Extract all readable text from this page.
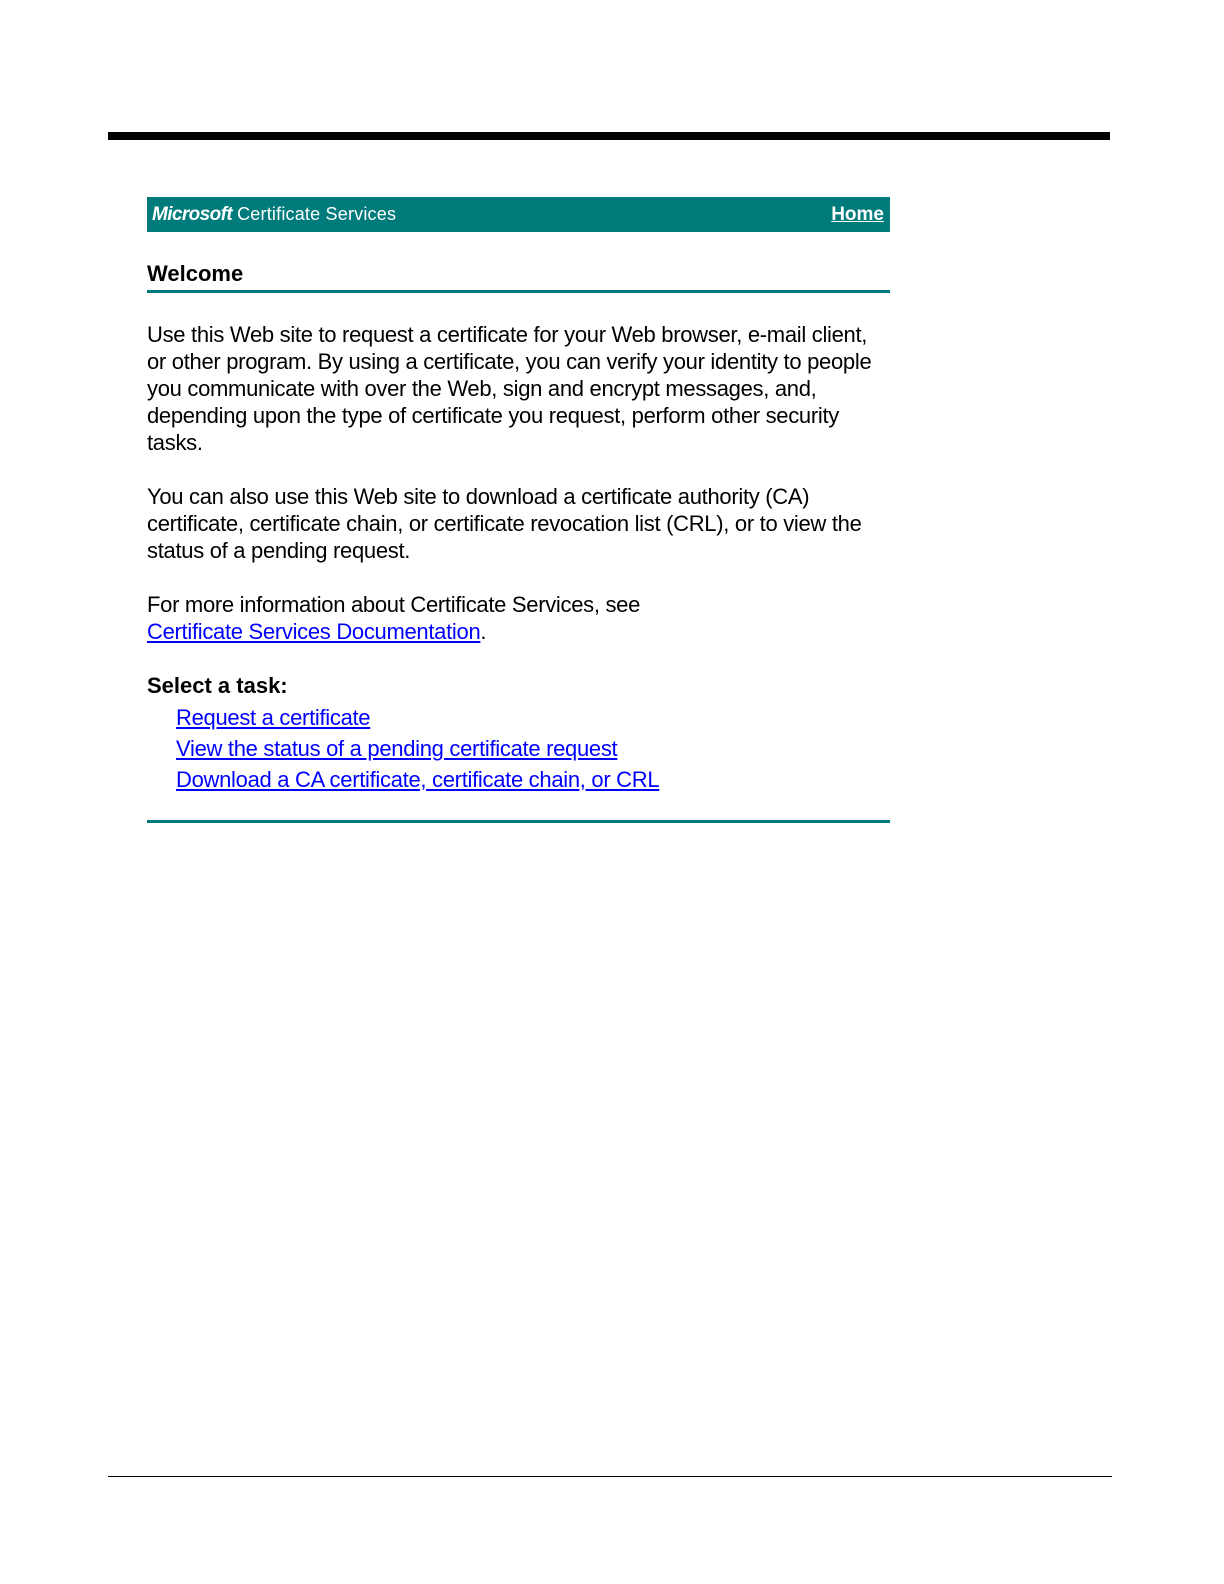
Microsoft Certificate Services	Home
Welcome

Use this Web site to request a certificate for your Web browser, e-mail client, or other program. By using a certificate, you can verify your identity to people you communicate with over the Web, sign and encrypt messages, and, depending upon the type of certificate you request, perform other security tasks.

You can also use this Web site to download a certificate authority (CA) certificate, certificate chain, or certificate revocation list (CRL), or to view the status of a pending request.

For more information about Certificate Services, see
Certificate Services Documentation.

Select a task:
Request a certificate
View the status of a pending certificate request
Download a CA certificate, certificate chain, or CRL
